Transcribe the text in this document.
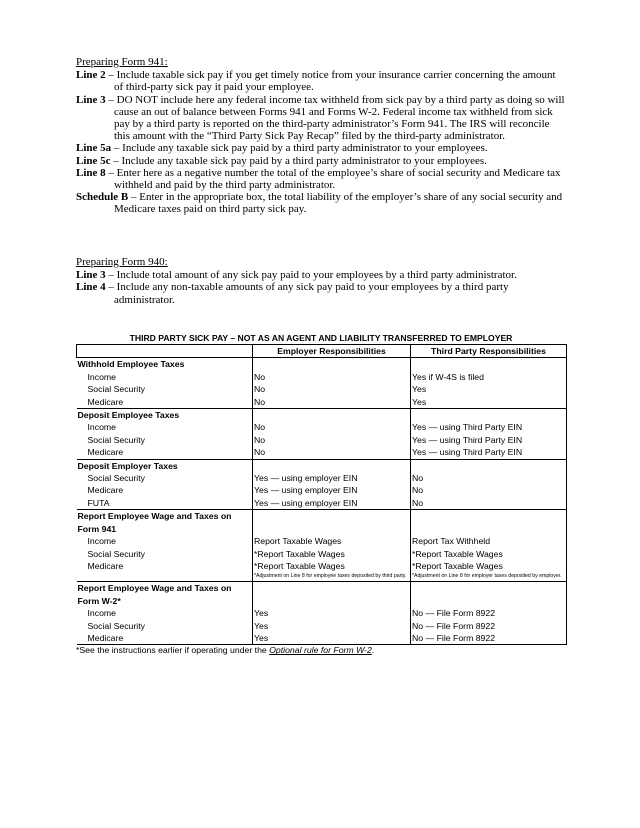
Preparing Form 941:
Line 2 – Include taxable sick pay if you get timely notice from your insurance carrier concerning the amount of third-party sick pay it paid your employee.
Line 3 – DO NOT include here any federal income tax withheld from sick pay by a third party as doing so will cause an out of balance between Forms 941 and Forms W-2. Federal income tax withheld from sick pay by a third party is reported on the third-party administrator’s Form 941. The IRS will reconcile this amount with the “Third Party Sick Pay Recap” filed by the third-party administrator.
Line 5a – Include any taxable sick pay paid by a third party administrator to your employees.
Line 5c – Include any taxable sick pay paid by a third party administrator to your employees.
Line 8 – Enter here as a negative number the total of the employee’s share of social security and Medicare tax withheld and paid by the third party administrator.
Schedule B – Enter in the appropriate box, the total liability of the employer’s share of any social security and Medicare taxes paid on third party sick pay.
Preparing Form 940:
Line 3 – Include total amount of any sick pay paid to your employees by a third party administrator.
Line 4 – Include any non-taxable amounts of any sick pay paid to your employees by a third party administrator.
THIRD PARTY SICK PAY – NOT AS AN AGENT AND LIABILITY TRANSFERRED TO EMPLOYER
	Employer Responsibilities	Third Party Responsibilities
Withhold Employee Taxes		
Income	No	Yes if W-4S is filed
Social Security	No	Yes
Medicare	No	Yes
Deposit Employee Taxes		
Income	No	Yes — using Third Party EIN
Social Security	No	Yes — using Third Party EIN
Medicare	No	Yes — using Third Party EIN
Deposit Employer Taxes		
Social Security	Yes — using employer EIN	No
Medicare	Yes — using employer EIN	No
FUTA	Yes — using employer EIN	No
Report Employee Wage and Taxes on Form 941		
Income	Report Taxable Wages	Report Tax Withheld
Social Security	*Report Taxable Wages	*Report Taxable Wages
Medicare	*Report Taxable Wages	*Report Taxable Wages
	*Adjustment on Line 8 for employee taxes deposited by third party.	*Adjustment on Line 8 for employer taxes deposited by employer.
Report Employee Wage and Taxes on Form W-2*		
Income	Yes	No — File Form 8922
Social Security	Yes	No — File Form 8922
Medicare	Yes	No — File Form 8922
*See the instructions earlier if operating under the Optional rule for Form W-2.
